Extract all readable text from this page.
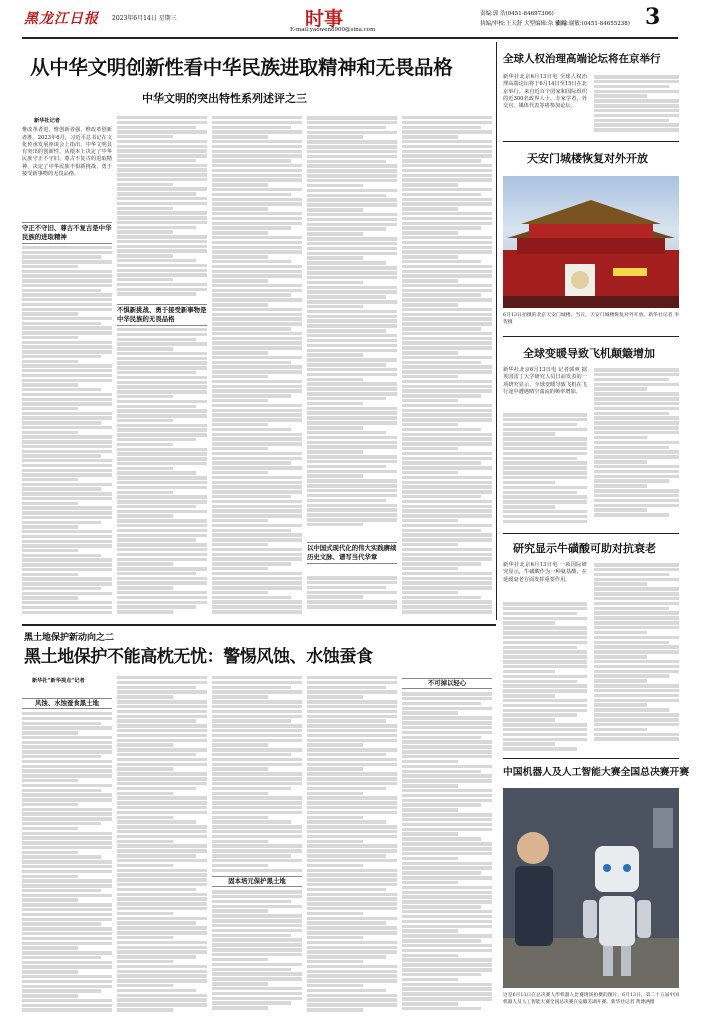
黑龙江日报 2023年6月14日 星期三	时事
E-mail:yaowen8900@sina.com
责编:郭 浩(0451-84697306)
执编/审校:王天舒 大型编辑:杂 雅同
责编:谢敏:(0451-84655238) 3
从中华文明创新性看中华民族进取精神和无畏品格
中华文明的突出特性系列述评之三
新华社记者
惟改革者进，惟创新者强，惟改革创新者胜。2023年6月，习近平总书记在文化传承发展座谈会上指出，中华文明具有突出的创新性，从根本上决定了中华民族守正不守旧、尊古不复古的进取精神，决定了中华民族不惧新挑战、勇于接受新事物的无畏品格。
守正不守旧、尊古不复古是中华民族的进取精神
不惧新挑战、勇于接受新事物是中华民族的无畏品格
以中国式现代化的伟大实践赓续历史文脉、谱写当代华章
全球人权治理高端论坛将在京举行
新华社北京6月13日电 全球人权治理高端论坛将于6月14日至15日在北京举行。来自近百个国家和国际组织的近300名政界人士、专家学者、外交官、媒体代表等将参加论坛。
天安门城楼恢复对外开放
6月13日拍摄的北京天安门城楼。当日，天安门城楼恢复对外开放。新华社记者 李贺摄
全球变暖导致飞机颠簸增加
新华社北京6月13日电 记者郭爽 据英国雷丁大学研究人员日前发表的一项研究显示，全球变暖导致飞机在飞行途中遭遇晴空湍流的频率增加。
研究显示牛磺酸可助对抗衰老
新华社北京6月13日电 一项国际研究显示，牛磺酸作为一种氨基酸，在延缓衰老方面发挥重要作用。
黑土地保护新动向之二
黑土地保护不能高枕无忧：警惕风蚀、水蚀蚕食
新华社“新华视点”记者
风蚀、水蚀蚕食黑土地
固本培元保护黑土地
不可掉以轻心
中国机器人及人工智能大赛全国总决赛开赛
这是6月13日在总决赛人形机器人比赛现场拍摄的图片。6月13日，第二十五届中国机器人及人工智能大赛全国总决赛在安徽芜湖开赛。新华社记者 黄博涵摄
